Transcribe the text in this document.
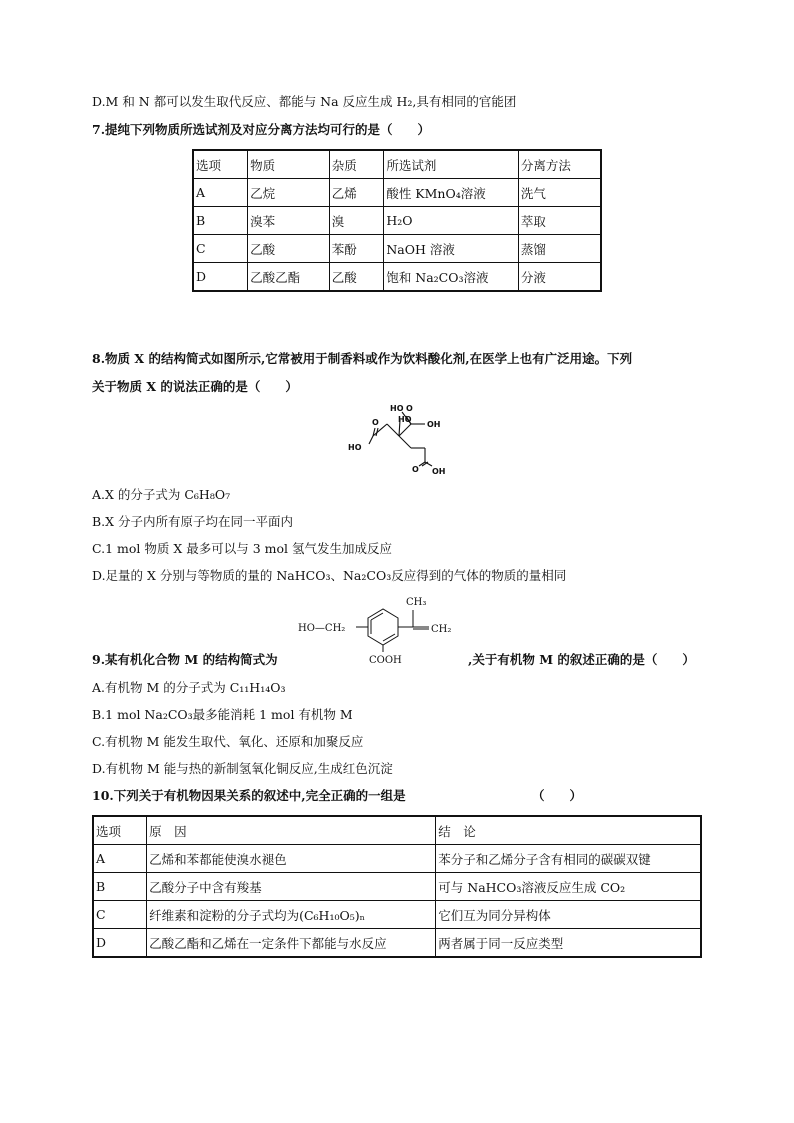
D.M 和 N 都可以发生取代反应、都能与 Na 反应生成 H₂,具有相同的官能团
7.提纯下列物质所选试剂及对应分离方法均可行的是（　　）
选项	物质	杂质	所选试剂	分离方法
A	乙烷	乙烯	酸性 KMnO₄溶液	洗气
B	溴苯	溴	H₂O	萃取
C	乙酸	苯酚	NaOH 溶液	蒸馏
D	乙酸乙酯	乙酸	饱和 Na₂CO₃溶液	分液
8.物质 X 的结构简式如图所示,它常被用于制香料或作为饮料酸化剂,在医学上也有广泛用途。下列
关于物质 X 的说法正确的是（　　）
HO O
HO
OH
HO
O
O OH
A.X 的分子式为 C₆H₈O₇
B.X 分子内所有原子均在同一平面内
C.1 mol 物质 X 最多可以与 3 mol 氢气发生加成反应
D.足量的 X 分别与等物质的量的 NaHCO₃、Na₂CO₃反应得到的气体的物质的量相同
HO—CH₂
CH₃
CH₂
COOH
9.某有机化合物 M 的结构简式为	,关于有机物 M 的叙述正确的是（　　）
A.有机物 M 的分子式为 C₁₁H₁₄O₃
B.1 mol Na₂CO₃最多能消耗 1 mol 有机物 M
C.有机物 M 能发生取代、氧化、还原和加聚反应
D.有机物 M 能与热的新制氢氧化铜反应,生成红色沉淀
10.下列关于有机物因果关系的叙述中,完全正确的一组是	（　　）
选项	原　因	结　论
A	乙烯和苯都能使溴水褪色	苯分子和乙烯分子含有相同的碳碳双键
B	乙酸分子中含有羧基	可与 NaHCO₃溶液反应生成 CO₂
C	纤维素和淀粉的分子式均为(C₆H₁₀O₅)ₙ	它们互为同分异构体
D	乙酸乙酯和乙烯在一定条件下都能与水反应	两者属于同一反应类型
